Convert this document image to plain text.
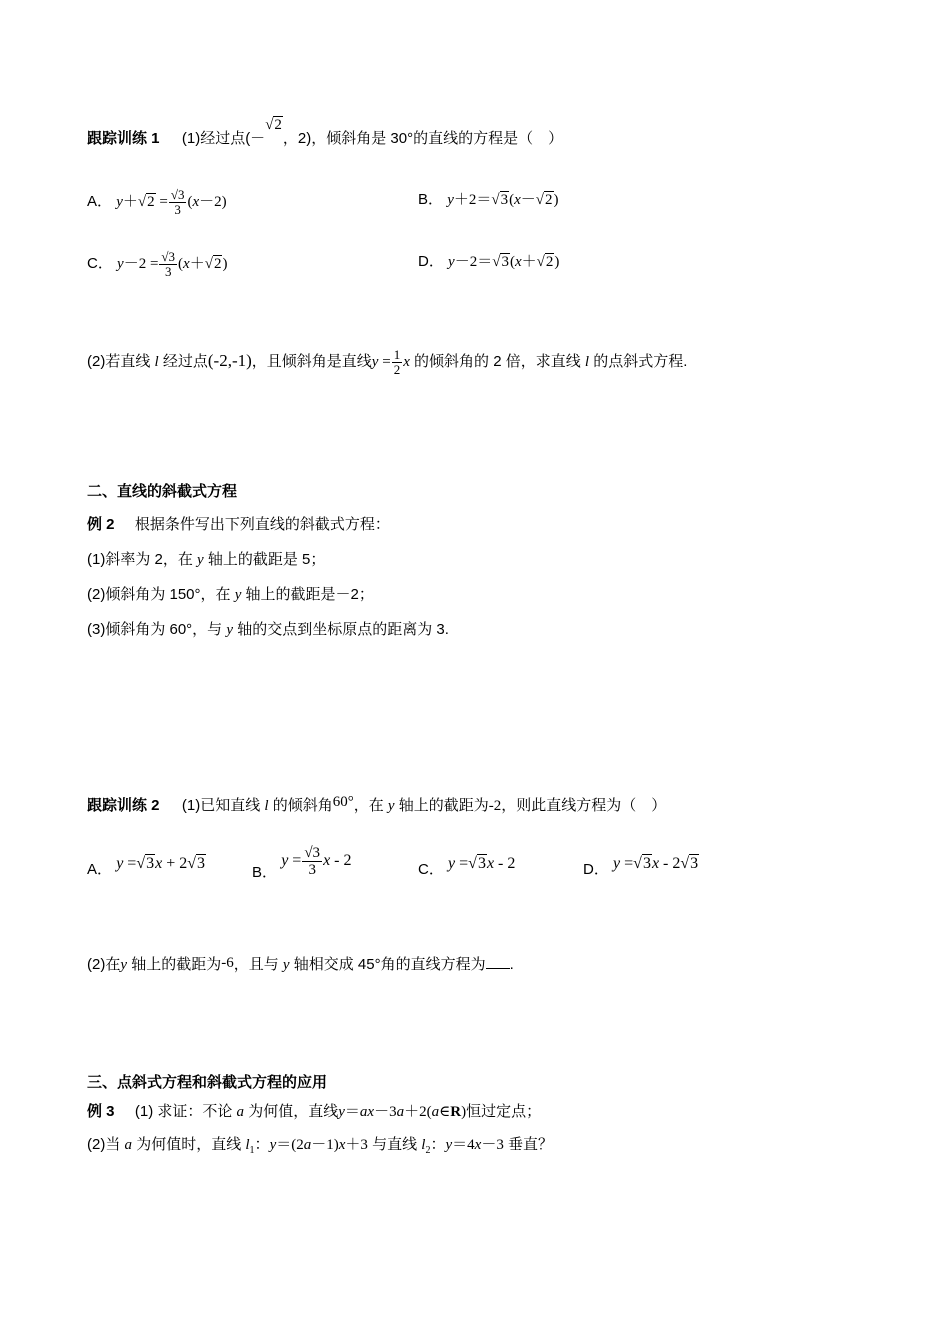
跟踪训练 1 (1)经过点(－√2，2)，倾斜角是 30°的直线的方程是（　）
A． $y+√2 = \frac{√3}{3} (x-2)$	B． y＋2＝√3(x－√2)
C． $y-2 = \frac{√3}{3} (x+√2)$	D． y－2＝√3(x＋√2)
(2)若直线 l 经过点(-2,-1)，且倾斜角是直线$y = \frac{1}{2}$ x 的倾斜角的 2 倍，求直线 l 的点斜式方程.
二、直线的斜截式方程
例 2 根据条件写出下列直线的斜截式方程：
(1)斜率为 2，在 y 轴上的截距是 5；
(2)倾斜角为 150°，在 y 轴上的截距是－2；
(3)倾斜角为 60°，与 y 轴的交点到坐标原点的距离为 3.
跟踪训练 2 (1)已知直线 l 的倾斜角60°，在 y 轴上的截距为-2，则此直线方程为（　）
A． y =√3x + 2√3
B． $y = \frac{√3}{3}$ x - 2
C． y =√3x - 2	D． y =√3x - 2√3
(2)在y 轴上的截距为-6，且与 y 轴相交成 45°角的直线方程为 .
三、点斜式方程和斜截式方程的应用
例 3 (1) 求证：不论 a 为何值，直线y＝ax－3a＋2(a∈R)恒过定点；
(2)当 a 为何值时，直线 $l_1$：y＝(2a－1)x＋3 与直线 $l_2$：y＝4x－3 垂直？
